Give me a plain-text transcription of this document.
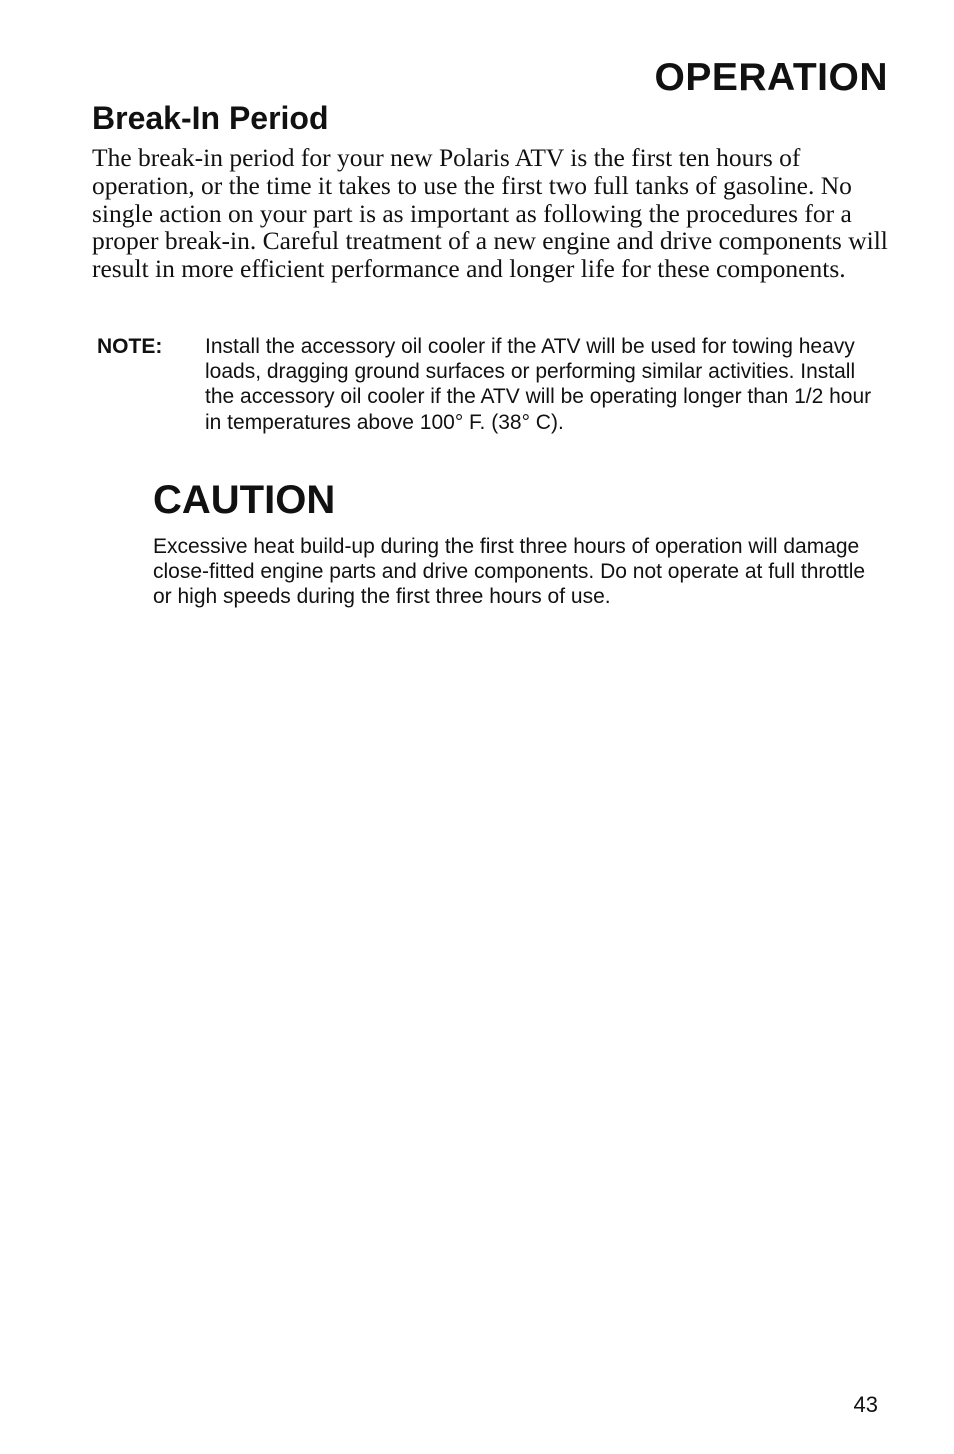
OPERATION
Break-In Period

The break-in period for your new Polaris ATV is the first ten hours of operation, or the time it takes to use the first two full tanks of gasoline. No single action on your part is as important as following the procedures for a proper break-in. Careful treatment of a new engine and drive components will result in more efficient performance and longer life for these components.

NOTE: Install the accessory oil cooler if the ATV will be used for towing heavy loads, dragging ground surfaces or performing similar activities. Install the accessory oil cooler if the ATV will be operating longer than 1/2 hour in temperatures above 100° F. (38° C).

CAUTION

Excessive heat build-up during the first three hours of operation will damage close-fitted engine parts and drive components. Do not operate at full throttle or high speeds during the first three hours of use.

43
